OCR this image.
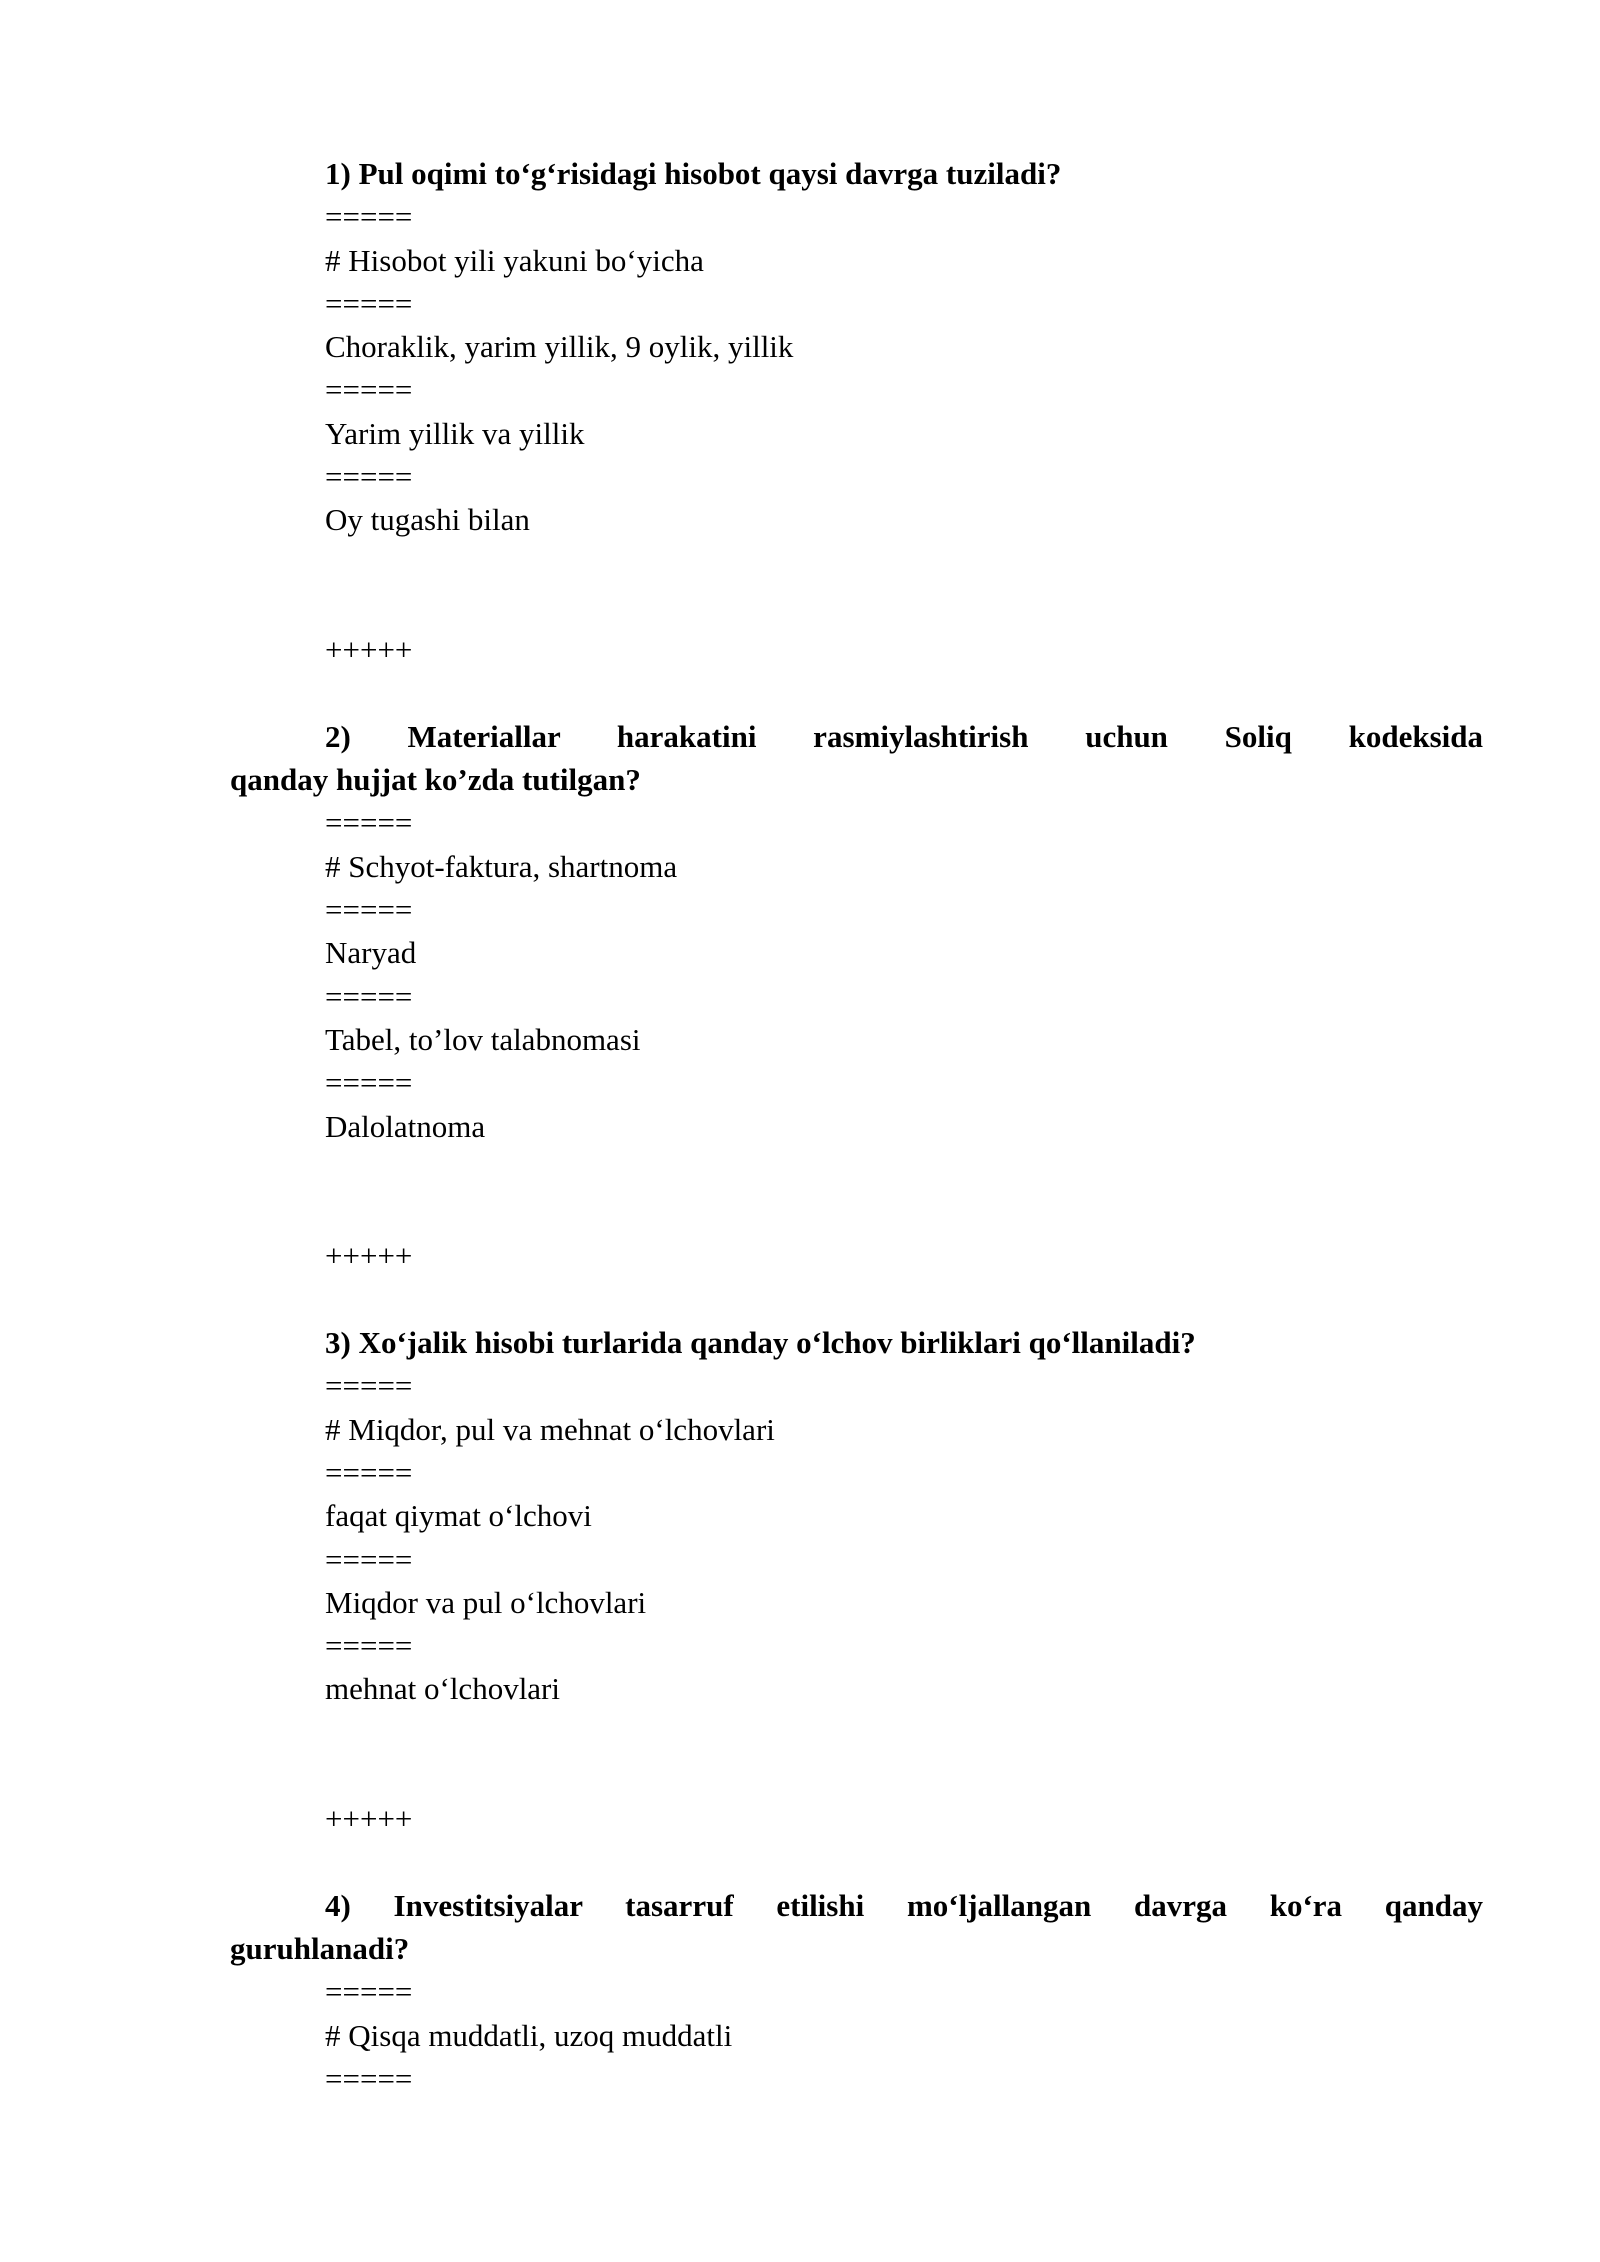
1) Pul oqimi toʻgʻrisidagi hisobot qaysi davrga tuziladi?

=====

# Hisobot yili yakuni boʻyicha

=====

Choraklik, yarim yillik, 9 oylik, yillik

=====

Yarim yillik va yillik

=====

Oy tugashi bilan

+++++

2) Materiallar harakatini rasmiylashtirish uchun Soliq kodeksida

qanday hujjat ko’zda tutilgan?

=====

# Schyot-faktura, shartnoma

=====

Naryad

=====

Tabel, to’lov talabnomasi

=====

Dalolatnoma

+++++

3) Xoʻjalik hisobi turlarida qanday oʻlchov birliklari qoʻllaniladi?

=====

# Miqdor, pul va mehnat oʻlchovlari

=====

faqat qiymat oʻlchovi

=====

Miqdor va pul oʻlchovlari

=====

mehnat oʻlchovlari

+++++

4) Investitsiyalar tasarruf etilishi moʻljallangan davrga koʻra qanday

guruhlanadi?

=====

# Qisqa muddatli, uzoq muddatli

=====
